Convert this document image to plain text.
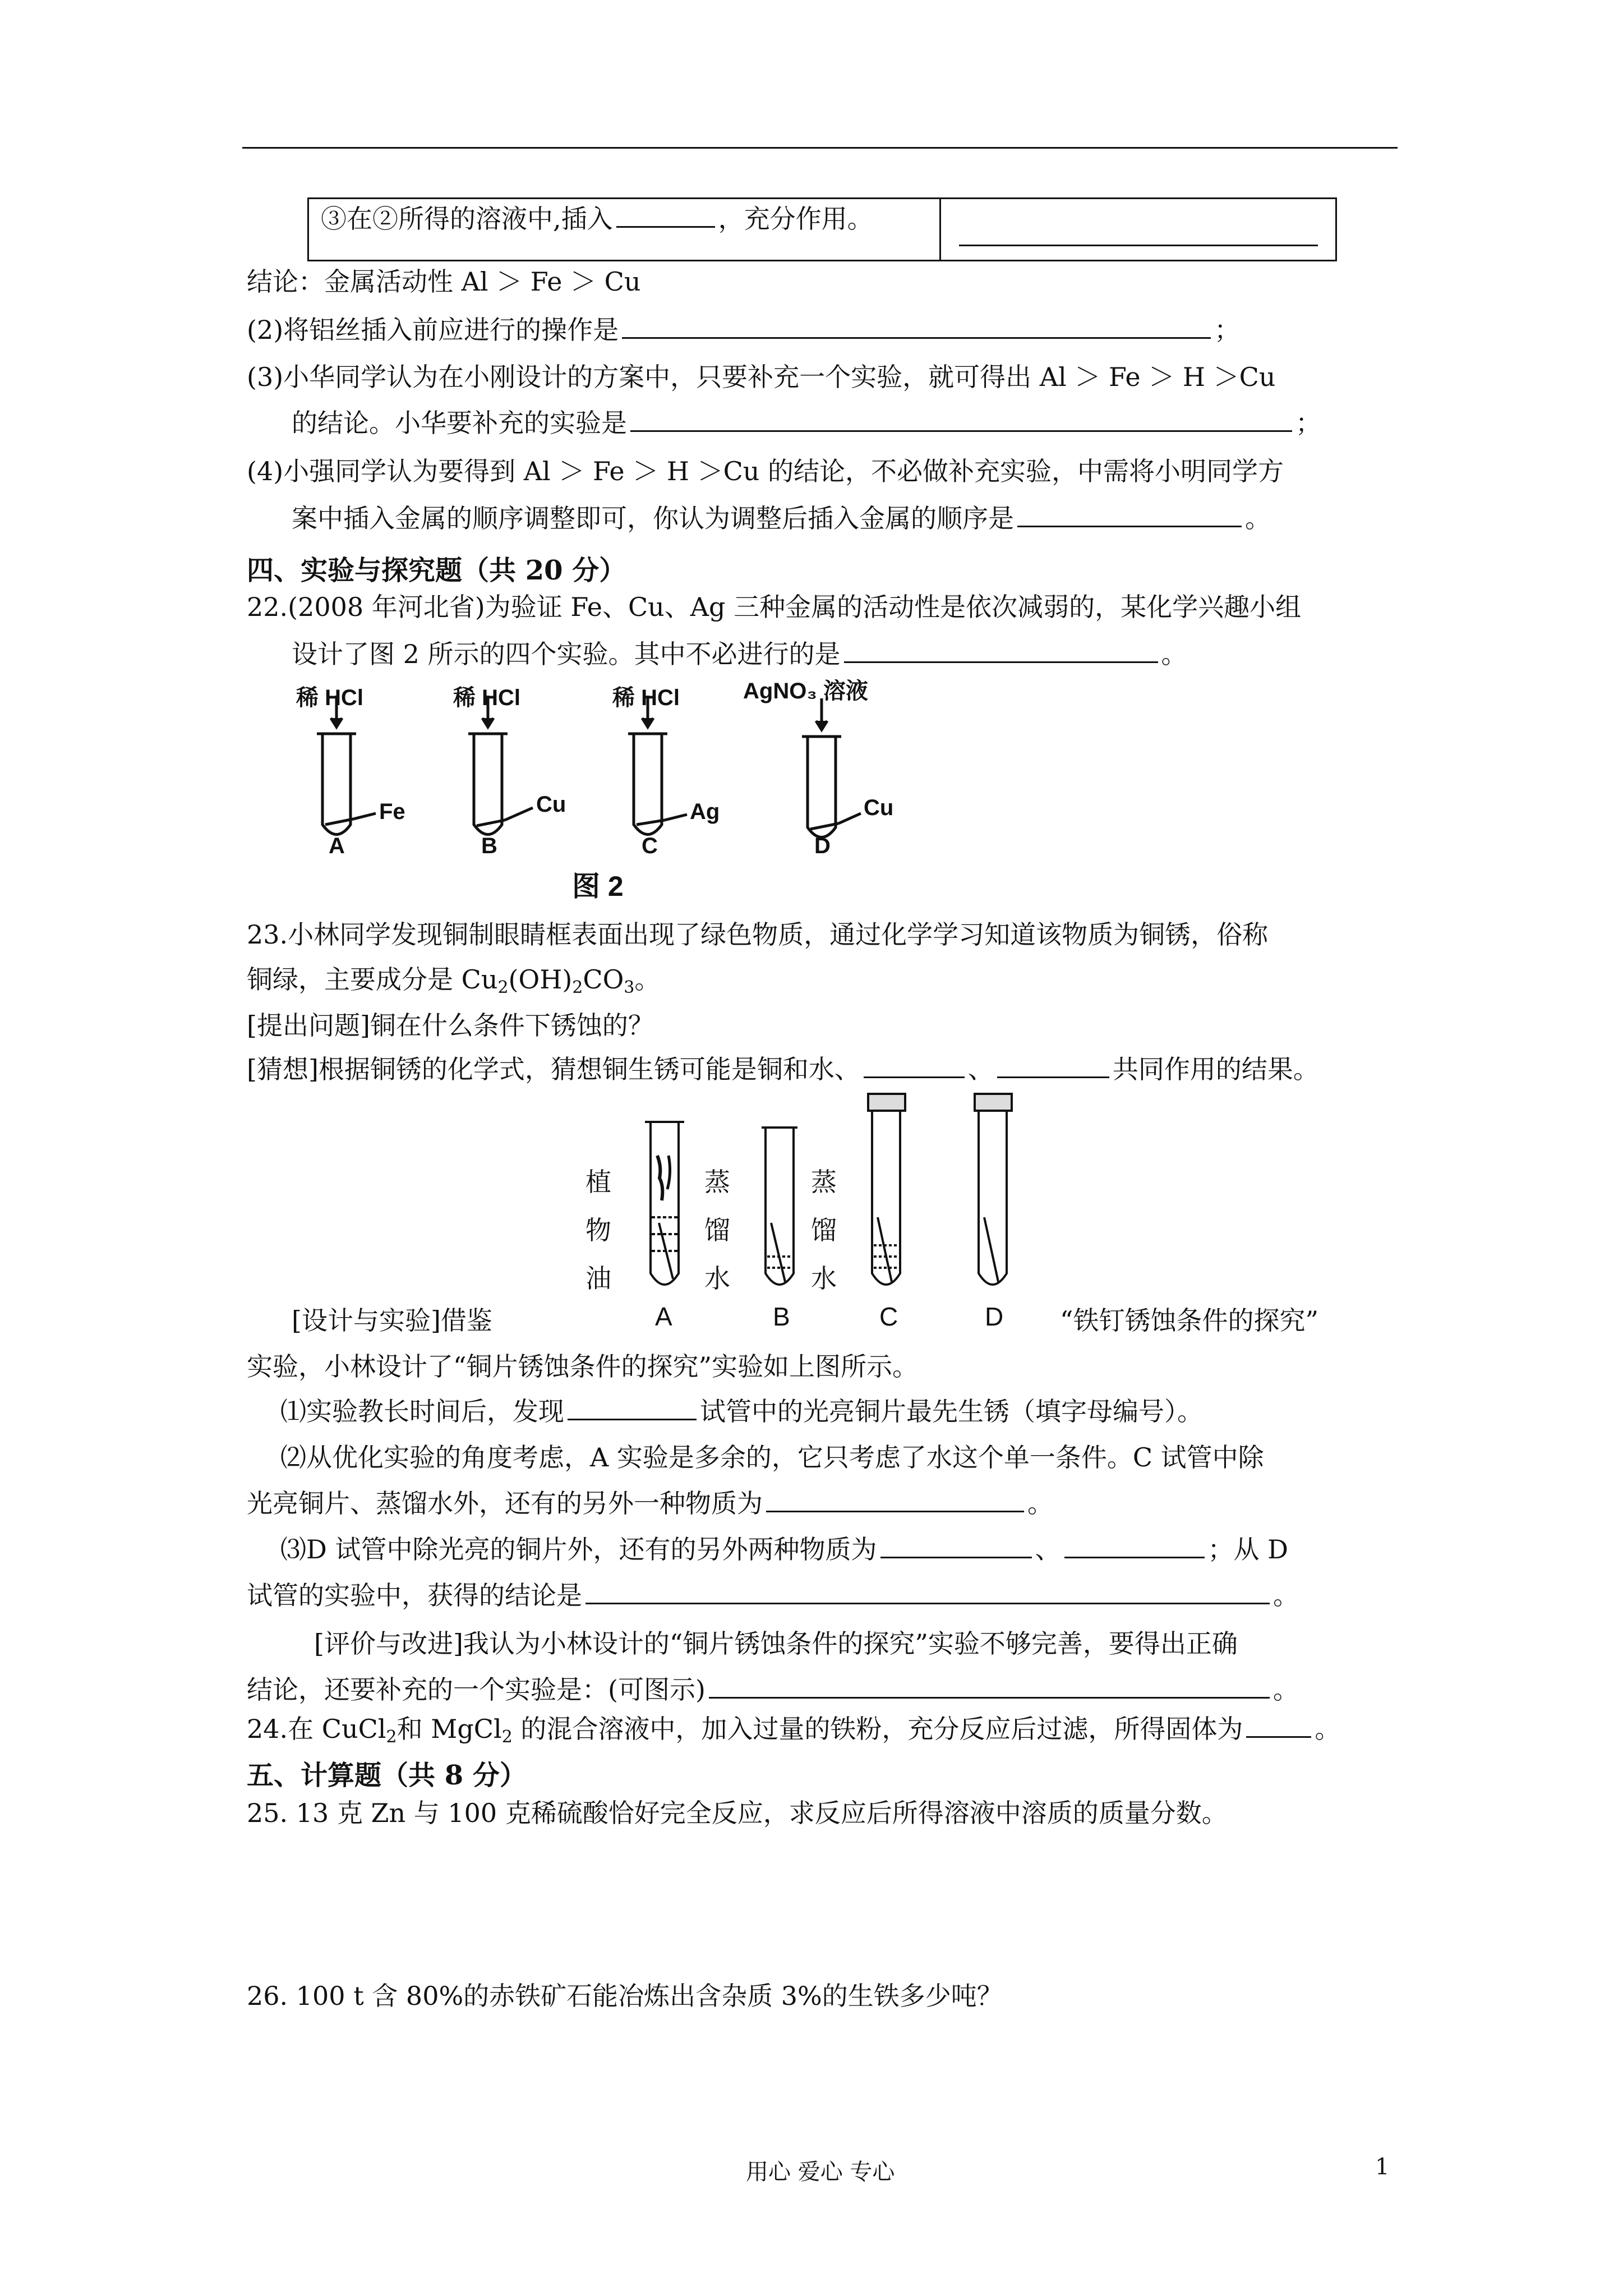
③在②所得的溶液中,插入	，充分作用。
结论：金属活动性 Al ＞ Fe ＞ Cu
(2)将铝丝插入前应进行的操作是	；
(3)小华同学认为在小刚设计的方案中，只要补充一个实验，就可得出 Al ＞ Fe ＞ H ＞Cu
的结论。小华要补充的实验是	；
(4)小强同学认为要得到 Al ＞ Fe ＞ H ＞Cu 的结论，不必做补充实验，中需将小明同学方
案中插入金属的顺序调整即可，你认为调整后插入金属的顺序是	。
四、实验与探究题（共 20 分）
22.(2008 年河北省)为验证 Fe、Cu、Ag 三种金属的活动性是依次减弱的，某化学兴趣小组
设计了图 2 所示的四个实验。其中不必进行的是	。
稀 HCl	稀 HCl	稀 HCl	AgNO₃ 溶液
Fe	Cu	Ag	Cu
A	B	C	D
图 2
23.小林同学发现铜制眼睛框表面出现了绿色物质，通过化学学习知道该物质为铜锈，俗称
铜绿，主要成分是 $Cu_2(OH)_2CO_3$。
[提出问题]铜在什么条件下锈蚀的？
[猜想]根据铜锈的化学式，猜想铜生锈可能是铜和水、	、	共同作用的结果。
植
物
油
蒸
馏
水
蒸
馏
水
[设计与实验]借鉴	A	B	C	D “铁钉锈蚀条件的探究”
实验，小林设计了“铜片锈蚀条件的探究”实验如上图所示。
⑴实验教长时间后，发现	试管中的光亮铜片最先生锈（填字母编号）。
⑵从优化实验的角度考虑，A 实验是多余的，它只考虑了水这个单一条件。C 试管中除
光亮铜片、蒸馏水外，还有的另外一种物质为	。
⑶D 试管中除光亮的铜片外，还有的另外两种物质为	、	；从 D
试管的实验中，获得的结论是	。
[评价与改进]我认为小林设计的“铜片锈蚀条件的探究”实验不够完善，要得出正确
结论，还要补充的一个实验是：(可图示)	。
24.在 CuCl$_2$和 MgCl$_2$ 的混合溶液中，加入过量的铁粉，充分反应后过滤，所得固体为	。
五、计算题（共 8 分）
25. 13 克 Zn 与 100 克稀硫酸恰好完全反应，求反应后所得溶液中溶质的质量分数。
26. 100 t 含 80%的赤铁矿石能冶炼出含杂质 3%的生铁多少吨？
用心 爱心 专心	1
